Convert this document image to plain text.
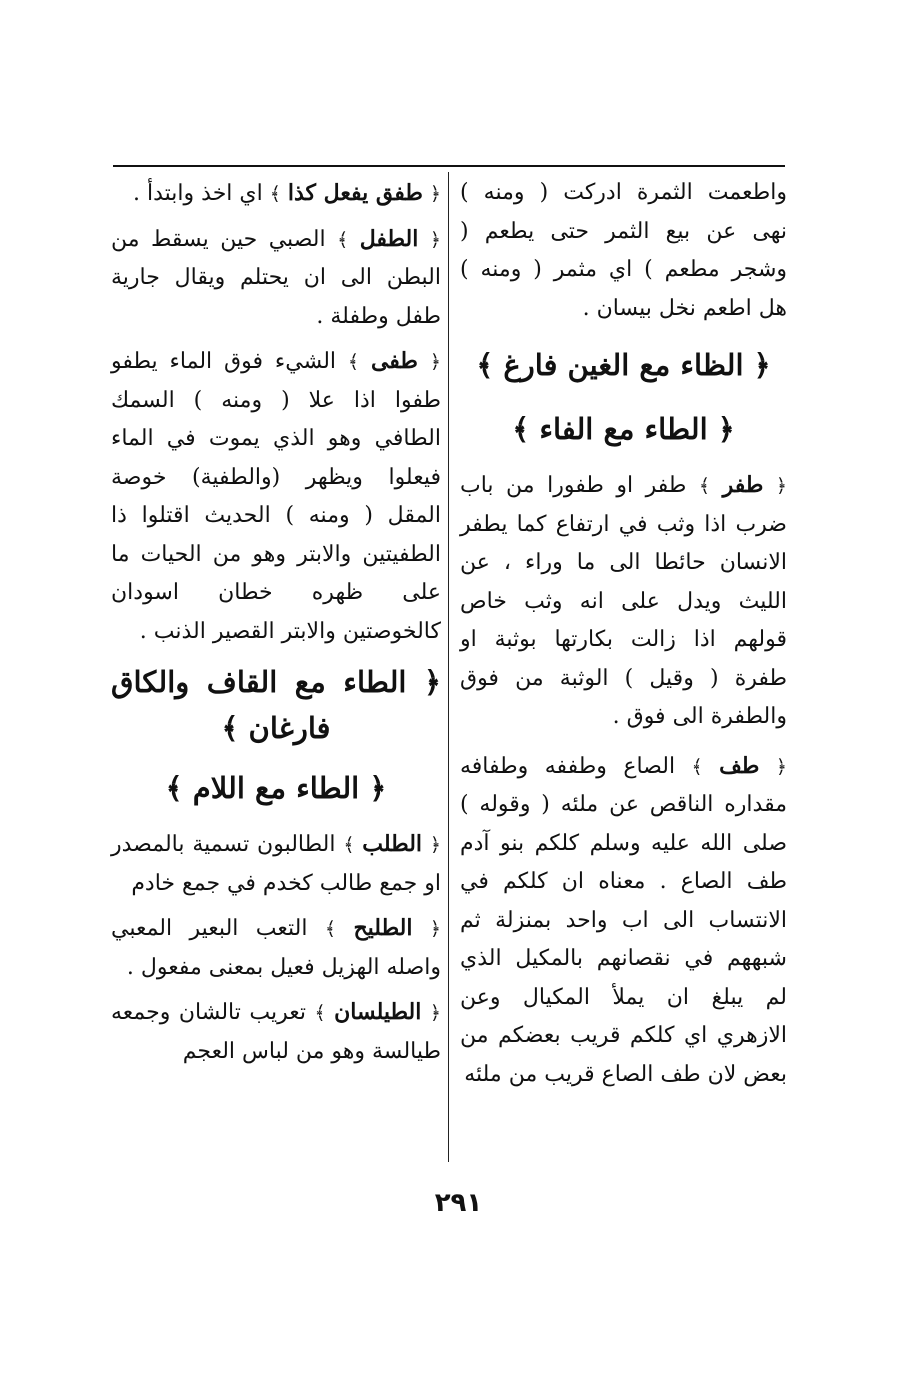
واطعمت الثمرة ادركت ( ومنه ) نهى عن بيع الثمر حتى يطعم ( وشجر مطعم ) اي مثمر ( ومنه ) هل اطعم نخل بيسان .

﴿ الظاء مع الغين فارغ ﴾
﴿ الطاء مع الفاء ﴾

﴿ طفر ﴾ طفر او طفورا من باب ضرب اذا وثب في ارتفاع كما يطفر الانسان حائطا الى ما وراء ، عن الليث ويدل على انه وثب خاص قولهم اذا زالت بكارتها بوثبة او طفرة ( وقيل ) الوثبة من فوق والطفرة الى فوق .

﴿ طف ﴾ الصاع وطففه وطفافه مقداره الناقص عن ملئه ( وقوله ) صلى الله عليه وسلم كلكم بنو آدم طف الصاع . معناه ان كلكم في الانتساب الى اب واحد بمنزلة ثم شبههم في نقصانهم بالمكيل الذي لم يبلغ ان يملأ المكيال وعن الازهري اي كلكم قريب بعضكم من بعض لان طف الصاع قريب من ملئه

﴿ طفق يفعل كذا ﴾ اي اخذ وابتدأ .

﴿ الطفل ﴾ الصبي حين يسقط من البطن الى ان يحتلم ويقال جارية طفل وطفلة .

﴿ طفى ﴾ الشيء فوق الماء يطفو طفوا اذا علا ( ومنه ) السمك الطافي وهو الذي يموت في الماء فيعلوا ويظهر (والطفية) خوصة المقل ( ومنه ) الحديث اقتلوا ذا الطفيتين والابتر وهو من الحيات ما على ظهره خطان اسودان كالخوصتين والابتر القصير الذنب .

﴿ الطاء مع القاف والكاق فارغان ﴾
﴿ الطاء مع اللام ﴾

﴿ الطلب ﴾ الطالبون تسمية بالمصدر او جمع طالب كخدم في جمع خادم

﴿ الطليح ﴾ التعب البعير المعبي واصله الهزيل فعيل بمعنى مفعول .

﴿ الطيلسان ﴾ تعريب تالشان وجمعه طيالسة وهو من لباس العجم

٢٩١
